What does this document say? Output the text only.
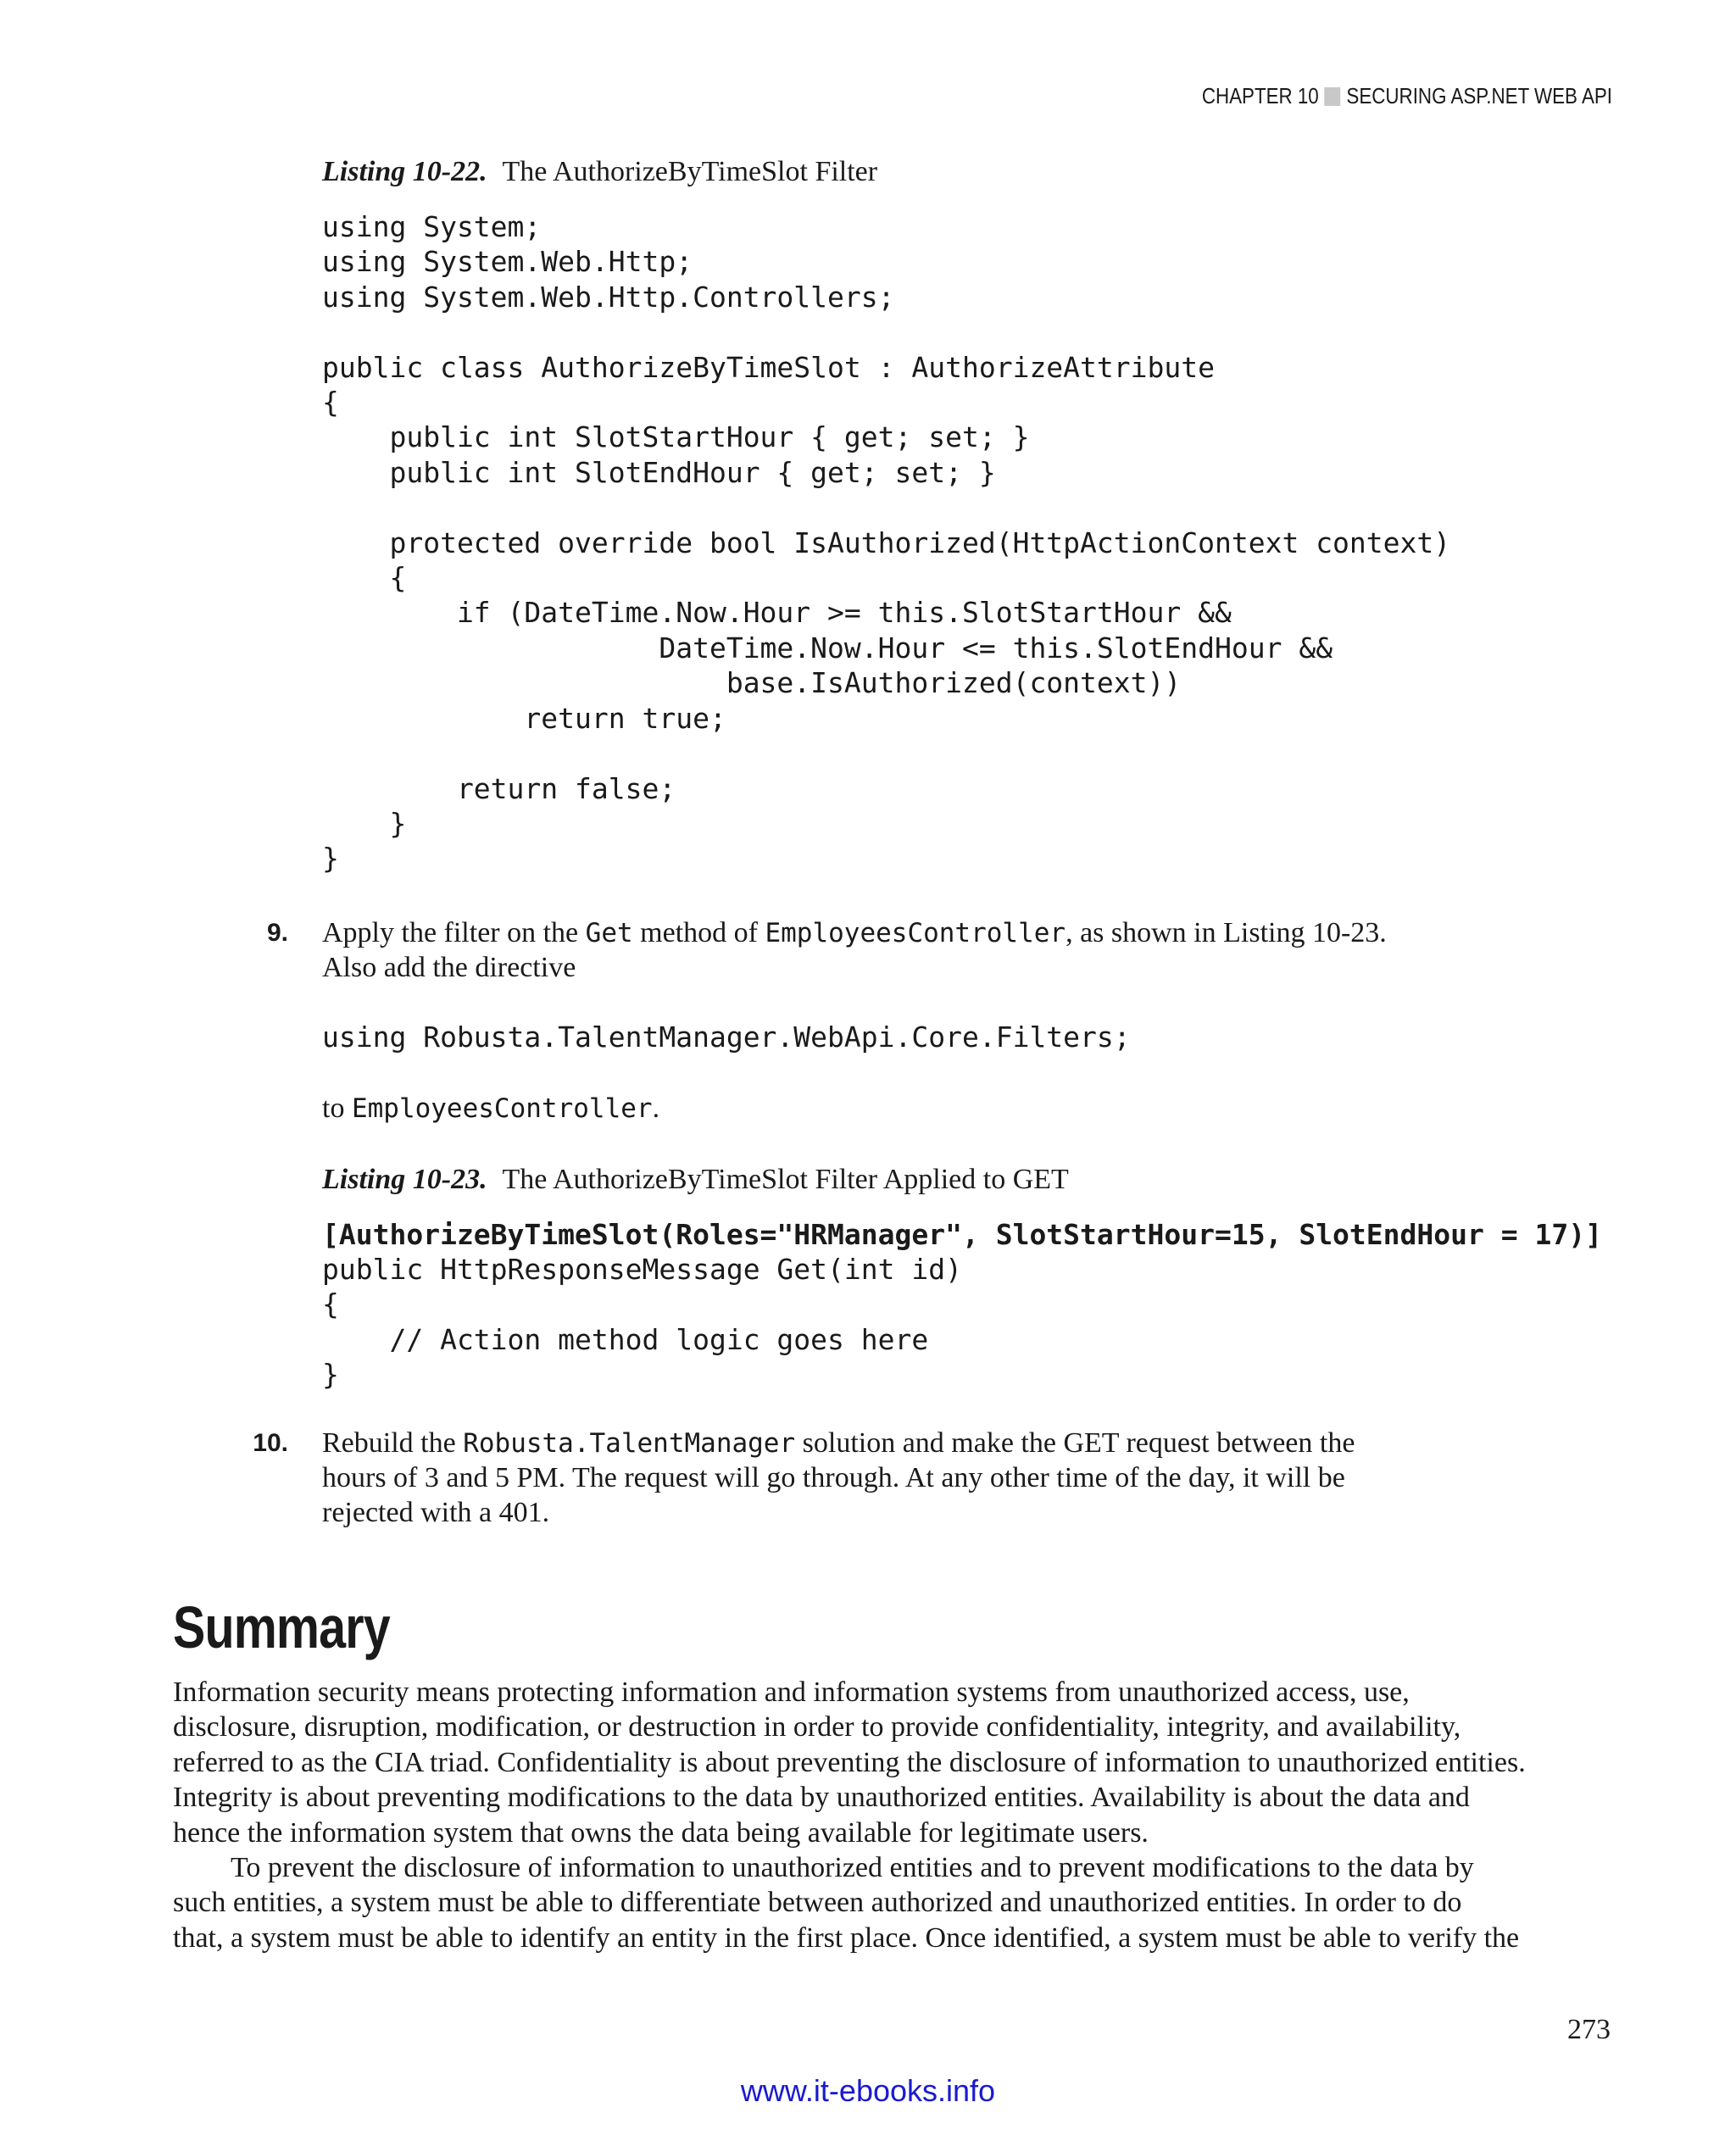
CHAPTER 10 SECURING ASP.NET WEB API
Listing 10-22. The AuthorizeByTimeSlot Filter
using System;
using System.Web.Http;
using System.Web.Http.Controllers;

public class AuthorizeByTimeSlot : AuthorizeAttribute
{
public int SlotStartHour { get; set; }
public int SlotEndHour { get; set; }

protected override bool IsAuthorized(HttpActionContext context)
{
if (DateTime.Now.Hour >= this.SlotStartHour &&
DateTime.Now.Hour <= this.SlotEndHour &&
base.IsAuthorized(context))
return true;

return false;
}
}
9. Apply the filter on the Get method of EmployeesController, as shown in Listing 10-23.
Also add the directive
using Robusta.TalentManager.WebApi.Core.Filters;
to EmployeesController.
Listing 10-23. The AuthorizeByTimeSlot Filter Applied to GET
[AuthorizeByTimeSlot(Roles="HRManager", SlotStartHour=15, SlotEndHour = 17)]
public HttpResponseMessage Get(int id)
{
// Action method logic goes here
}
10. Rebuild the Robusta.TalentManager solution and make the GET request between the
hours of 3 and 5 PM. The request will go through. At any other time of the day, it will be
rejected with a 401.
Summary
Information security means protecting information and information systems from unauthorized access, use,
disclosure, disruption, modification, or destruction in order to provide confidentiality, integrity, and availability,
referred to as the CIA triad. Confidentiality is about preventing the disclosure of information to unauthorized entities.
Integrity is about preventing modifications to the data by unauthorized entities. Availability is about the data and
hence the information system that owns the data being available for legitimate users.
To prevent the disclosure of information to unauthorized entities and to prevent modifications to the data by
such entities, a system must be able to differentiate between authorized and unauthorized entities. In order to do
that, a system must be able to identify an entity in the first place. Once identified, a system must be able to verify the
273
www.it-ebooks.info
